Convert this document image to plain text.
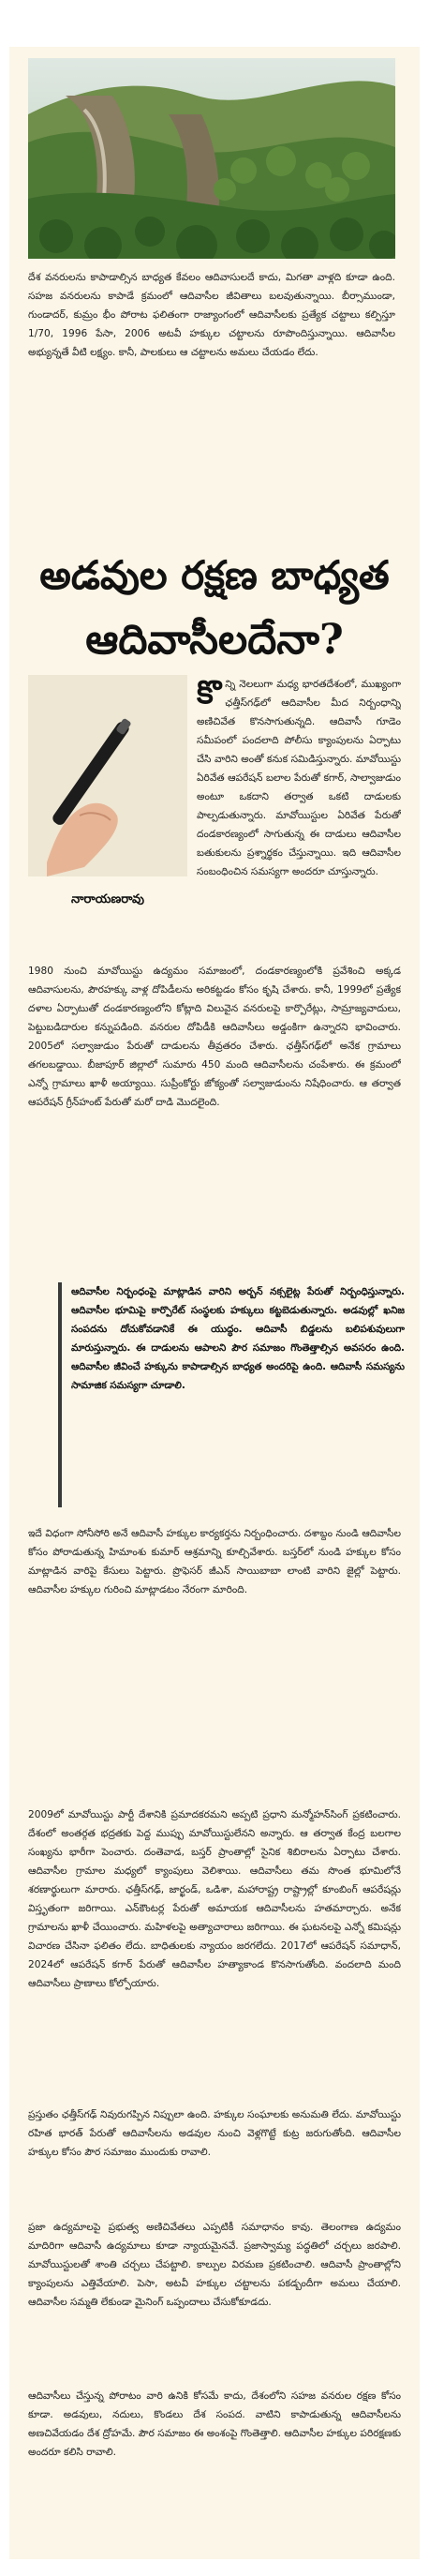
దేశ వనరులను కాపాడాల్సిన బాధ్యత కేవలం ఆదివాసులదే కాదు, మిగతా వాళ్లది కూడా ఉంది. సహజ వనరులను కాపాడే క్రమంలో ఆదివాసీల జీవితాలు బలవుతున్నాయి. బీర్సాముండా, గుండాదర్, కుమ్రం భీం పోరాట ఫలితంగా రాజ్యాంగంలో ఆదివాసీలకు ప్రత్యేక చట్టాలు కల్పిస్తూ 1/70, 1996 పేసా, 2006 అటవీ హక్కుల చట్టాలను రూపొందిస్తున్నాయి. ఆదివాసీల అభ్యున్నతే వీటి లక్ష్యం. కానీ, పాలకులు ఆ చట్టాలను అమలు చేయడం లేదు.

అడవుల రక్షణ బాధ్యత
ఆదివాసీలదేనా?

నారాయణరావు

కొన్ని నెలలుగా మధ్య భారతదేశంలో, ముఖ్యంగా ఛత్తీస్‌గఢ్‌లో ఆదివాసీల మీద నిర్బంధాన్ని అణిచివేత కొనసాగుతున్నది. ఆదివాసీ గూడెం సమీపంలో పందలాది పోలీసు క్యాంపులను ఏర్పాటు చేసి వారిని అంతో కనుక సమిడిస్తున్నారు. మావోయిస్టు ఏరివేత ఆపరేషన్ బలాల పేరుతో కగార్, సాల్వాజుడుం అంటూ ఒకదాని తర్వాత ఒకటి దాడులకు పాల్పడుతున్నారు. మావోయిస్టుల ఏరివేత పేరుతో దండకారణ్యంలో సాగుతున్న ఈ దాడులు ఆదివాసీల బతుకులను ప్రశ్నార్థకం చేస్తున్నాయి. ఇది ఆదివాసీల సంబంధించిన సమస్యగా అందరూ చూస్తున్నారు.

1980 నుంచి మావోయిస్టు ఉద్యమం సమాజంలో, దండకారణ్యంలోకి ప్రవేశించి అక్కడ ఆదివాసులను, పౌరహక్కు వాళ్ల దోపిడీలను అరికట్టడం కోసం కృషి చేశారు. కానీ, 1999లో ప్రత్యేక దళాల ఏర్పాటుతో దండకారణ్యంలోని కోట్లాది విలువైన వనరులపై కార్పొరేట్లు, సామ్రాజ్యవాదులు, పెట్టుబడిదారుల కన్నుపడింది. వనరుల దోపిడీకి ఆదివాసీలు అడ్డంకిగా ఉన్నారని భావించారు. 2005లో సల్వాజుడుం పేరుతో దాడులను తీవ్రతరం చేశారు. ఛత్తీస్‌గఢ్‌లో అనేక గ్రామాలు తగలబడ్డాయి. బీజాపూర్ జిల్లాలో సుమారు 450 మంది ఆదివాసీలను చంపేశారు. ఈ క్రమంలో ఎన్నో గ్రామాలు ఖాళీ అయ్యాయి. సుప్రీంకోర్టు జోక్యంతో సల్వాజుడుంను నిషేధించారు. ఆ తర్వాత ఆపరేషన్ గ్రీన్‌హంట్ పేరుతో మరో దాడి మొదలైంది.

ఆదివాసీల నిర్బంధంపై మాట్లాడిన వారిని అర్బన్ నక్సలైట్ల పేరుతో నిర్బంధిస్తున్నారు. ఆదివాసీల భూమిపై కార్పొరేట్ సంస్థలకు హక్కులు కట్టబెడుతున్నారు. అడవుల్లో ఖనిజ సంపదను దోచుకోవడానికే ఈ యుద్ధం. ఆదివాసీ బిడ్డలను బలిపశువులుగా మారుస్తున్నారు. ఈ దాడులను ఆపాలని పౌర సమాజం గొంతెత్తాల్సిన అవసరం ఉంది. ఆదివాసీల జీవించే హక్కును కాపాడాల్సిన బాధ్యత అందరిపై ఉంది. ఆదివాసీ సమస్యను సామాజిక సమస్యగా చూడాలి.

ఇదే విధంగా సోనీసోరి అనే ఆదివాసీ హక్కుల కార్యకర్తను నిర్బంధించారు. దశాబ్దం నుండి ఆదివాసీల కోసం పోరాడుతున్న హిమాంశు కుమార్ ఆశ్రమాన్ని కూల్చివేశారు. బస్తర్‌లో నుండి హక్కుల కోసం మాట్లాడిన వారిపై కేసులు పెట్టారు. ప్రొఫెసర్ జీఎన్ సాయిబాబా లాంటి వారిని జైల్లో పెట్టారు. ఆదివాసీల హక్కుల గురించి మాట్లాడటం నేరంగా మారింది.

2009లో మావోయిస్టు పార్టీ దేశానికి ప్రమాదకరమని అప్పటి ప్రధాని మన్మోహన్‌సింగ్ ప్రకటించారు. దేశంలో అంతర్గత భద్రతకు పెద్ద ముప్పు మావోయిస్టులేనని అన్నారు. ఆ తర్వాత కేంద్ర బలగాల సంఖ్యను భారీగా పెంచారు. దంతెవాడ, బస్తర్ ప్రాంతాల్లో సైనిక శిబిరాలను ఏర్పాటు చేశారు. ఆదివాసీల గ్రామాల మధ్యలో క్యాంపులు వెలిశాయి. ఆదివాసీలు తమ సొంత భూమిలోనే శరణార్థులుగా మారారు. ఛత్తీస్‌గఢ్, జార్ఖండ్, ఒడిశా, మహారాష్ట్ర రాష్ట్రాల్లో కూంబింగ్ ఆపరేషన్లు విస్తృతంగా జరిగాయి. ఎన్‌కౌంటర్ల పేరుతో అమాయక ఆదివాసీలను హతమార్చారు. అనేక గ్రామాలను ఖాళీ చేయించారు. మహిళలపై అత్యాచారాలు జరిగాయి. ఈ ఘటనలపై ఎన్నో కమిషన్లు విచారణ చేసినా ఫలితం లేదు. బాధితులకు న్యాయం జరగలేదు. 2017లో ఆపరేషన్ సమాధాన్, 2024లో ఆపరేషన్ కగార్ పేరుతో ఆదివాసీల హత్యాకాండ కొనసాగుతోంది. వందలాది మంది ఆదివాసీలు ప్రాణాలు కోల్పోయారు.

ప్రస్తుతం ఛత్తీస్‌గఢ్ నివురుగప్పిన నిప్పులా ఉంది. హక్కుల సంఘాలకు అనుమతి లేదు. మావోయిస్టు రహిత భారత్ పేరుతో ఆదివాసీలను అడవుల నుంచి వెళ్లగొట్టే కుట్ర జరుగుతోంది. ఆదివాసీల హక్కుల కోసం పౌర సమాజం ముందుకు రావాలి.

ప్రజా ఉద్యమాలపై ప్రభుత్వ అణిచివేతలు ఎప్పటికీ సమాధానం కావు. తెలంగాణ ఉద్యమం మాదిరిగా ఆదివాసీ ఉద్యమాలు కూడా న్యాయమైనవే. ప్రజాస్వామ్య పద్ధతిలో చర్చలు జరపాలి. మావోయిస్టులతో శాంతి చర్చలు చేపట్టాలి. కాల్పుల విరమణ ప్రకటించాలి. ఆదివాసీ ప్రాంతాల్లోని క్యాంపులను ఎత్తివేయాలి. పెసా, అటవీ హక్కుల చట్టాలను పకడ్బందీగా అమలు చేయాలి. ఆదివాసీల సమ్మతి లేకుండా మైనింగ్ ఒప్పందాలు చేసుకోకూడదు.

ఆదివాసీలు చేస్తున్న పోరాటం వారి ఉనికి కోసమే కాదు, దేశంలోని సహజ వనరుల రక్షణ కోసం కూడా. అడవులు, నదులు, కొండలు దేశ సంపద. వాటిని కాపాడుతున్న ఆదివాసీలను అణచివేయడం దేశ ద్రోహమే. పౌర సమాజం ఈ అంశంపై గొంతెత్తాలి. ఆదివాసీల హక్కుల పరిరక్షణకు అందరూ కలిసి రావాలి.
